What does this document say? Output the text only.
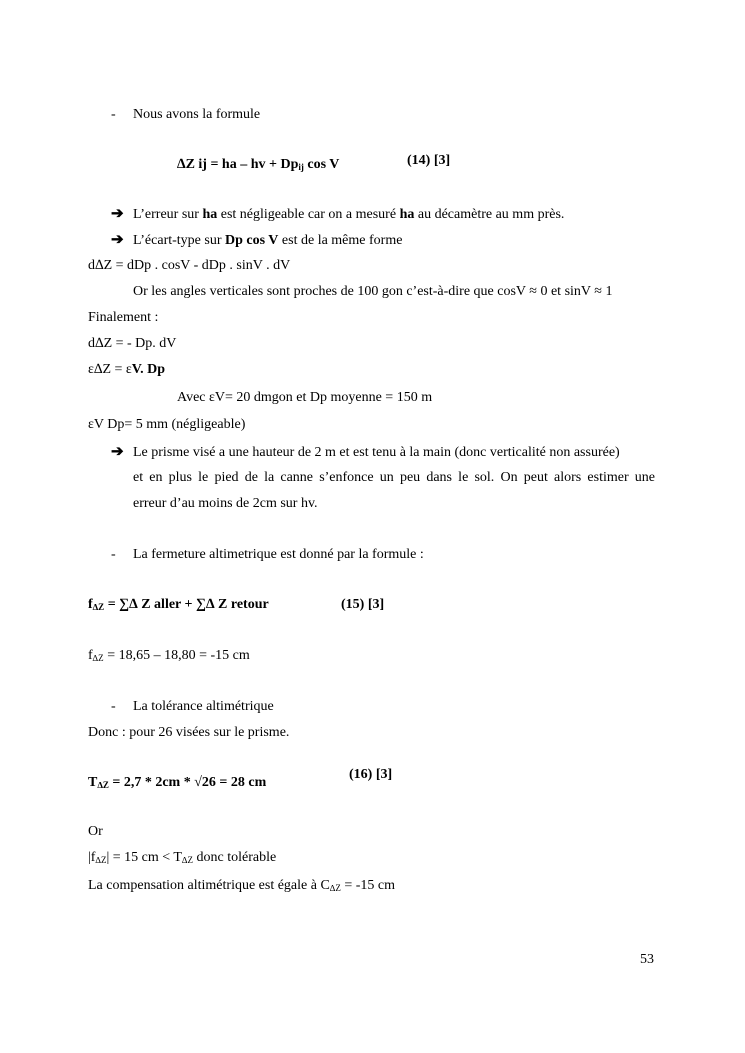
- Nous avons la formule
∆Z ij = ha – hv + $Dp_{ij}$ cos V	(14) [3]
➔ L’erreur sur ha est négligeable car on a mesuré ha au décamètre au mm près.
➔ L’écart-type sur Dp cos V est de la même forme
d∆Z = dDp . cosV - dDp . sinV . dV
Or les angles verticales sont proches de 100 gon c’est-à-dire que cosV ≈ 0 et sinV ≈ 1
Finalement :
d∆Z = - Dp. dV
ε∆Z = εV. Dp
Avec εV= 20 dmgon et Dp moyenne = 150 m
εV Dp= 5 mm (négligeable)
➔ Le prisme visé a une hauteur de 2 m et est tenu à la main (donc verticalité non assurée)
et en plus le pied de la canne s’enfonce un peu dans le sol. On peut alors estimer une
erreur d’au moins de 2cm sur hv.
- La fermeture altimetrique est donné par la formule :
$f_{\Delta Z}$ = ∑∆ Z aller + ∑∆ Z retour	(15) [3]
$f_{\Delta Z} = 18,65 - 18,80 = -15$ cm
- La tolérance altimétrique
Donc : pour 26 visées sur le prisme.
$T_{\Delta Z} = 2,7 * 2cm * √26 = 28$ cm
(16) [3]
Or
$|f_{\Delta Z}| = 15$ cm < $T_{\Delta Z}$ donc tolérable
La compensation altimétrique est égale à $C_{\Delta Z} = -15$ cm
53
